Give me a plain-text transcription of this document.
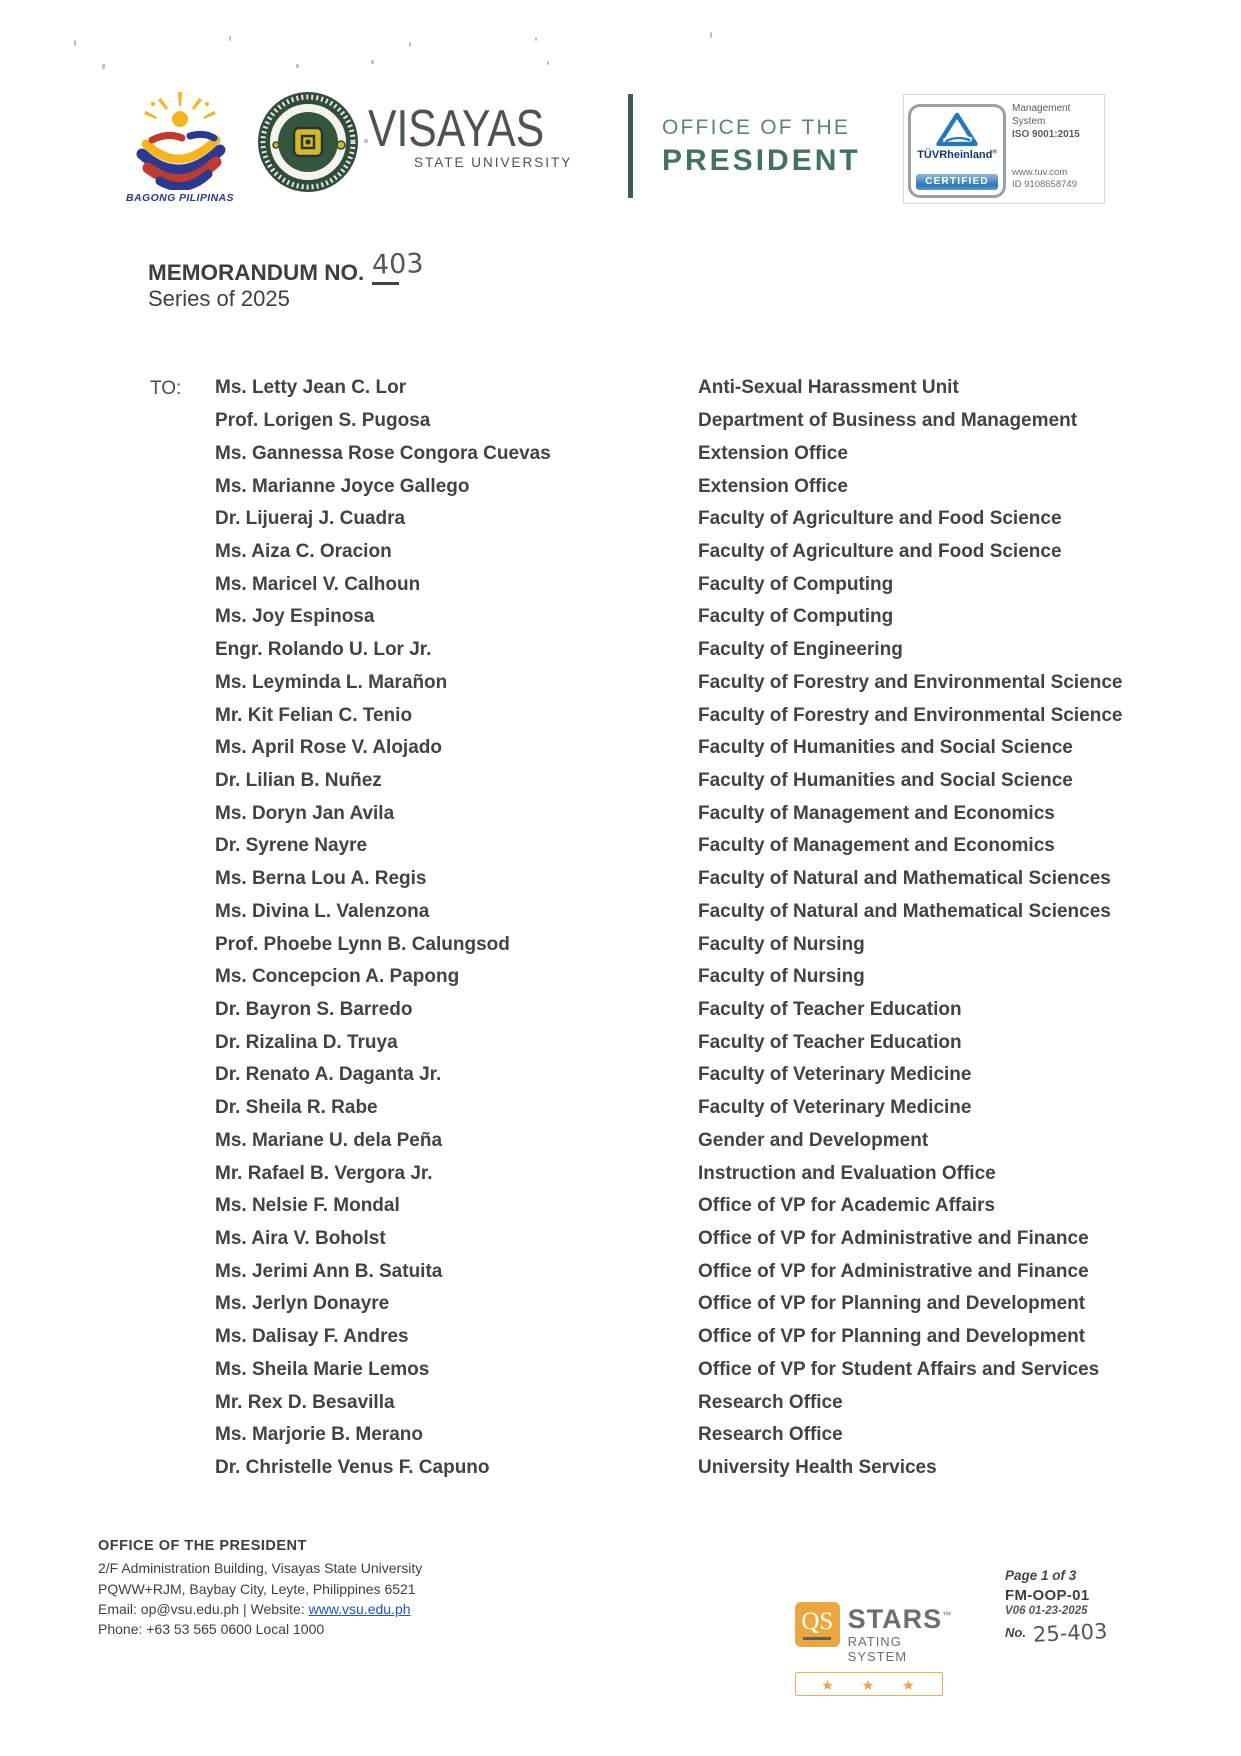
BAGONG PILIPINAS
VISAYAS
STATE UNIVERSITY
OFFICE OF THE
PRESIDENT	TÜVRheinland®
CERTIFIED
Management
System
ISO 9001:2015
www.tuv.com
ID 9108658749
MEMORANDUM NO. 403
Series of 2025
TO: Ms. Letty Jean C. Lor	Anti-Sexual Harassment Unit
Prof. Lorigen S. Pugosa	Department of Business and Management
Ms. Gannessa Rose Congora Cuevas	Extension Office
Ms. Marianne Joyce Gallego	Extension Office
Dr. Lijueraj J. Cuadra	Faculty of Agriculture and Food Science
Ms. Aiza C. Oracion	Faculty of Agriculture and Food Science
Ms. Maricel V. Calhoun	Faculty of Computing
Ms. Joy Espinosa	Faculty of Computing
Engr. Rolando U. Lor Jr.	Faculty of Engineering
Ms. Leyminda L. Marañon	Faculty of Forestry and Environmental Science
Mr. Kit Felian C. Tenio	Faculty of Forestry and Environmental Science
Ms. April Rose V. Alojado	Faculty of Humanities and Social Science
Dr. Lilian B. Nuñez	Faculty of Humanities and Social Science
Ms. Doryn Jan Avila	Faculty of Management and Economics
Dr. Syrene Nayre	Faculty of Management and Economics
Ms. Berna Lou A. Regis	Faculty of Natural and Mathematical Sciences
Ms. Divina L. Valenzona	Faculty of Natural and Mathematical Sciences
Prof. Phoebe Lynn B. Calungsod	Faculty of Nursing
Ms. Concepcion A. Papong	Faculty of Nursing
Dr. Bayron S. Barredo	Faculty of Teacher Education
Dr. Rizalina D. Truya	Faculty of Teacher Education
Dr. Renato A. Daganta Jr.	Faculty of Veterinary Medicine
Dr. Sheila R. Rabe	Faculty of Veterinary Medicine
Ms. Mariane U. dela Peña	Gender and Development
Mr. Rafael B. Vergora Jr.	Instruction and Evaluation Office
Ms. Nelsie F. Mondal	Office of VP for Academic Affairs
Ms. Aira V. Boholst	Office of VP for Administrative and Finance
Ms. Jerimi Ann B. Satuita	Office of VP for Administrative and Finance
Ms. Jerlyn Donayre	Office of VP for Planning and Development
Ms. Dalisay F. Andres	Office of VP for Planning and Development
Ms. Sheila Marie Lemos	Office of VP for Student Affairs and Services
Mr. Rex D. Besavilla	Research Office
Ms. Marjorie B. Merano	Research Office
Dr. Christelle Venus F. Capuno	University Health Services
OFFICE OF THE PRESIDENT
2/F Administration Building, Visayas State University
PQWW+RJM, Baybay City, Leyte, Philippines 6521
Email: op@vsu.edu.ph | Website: www.vsu.edu.ph
Phone: +63 53 565 0600 Local 1000	QS STARS™
RATING SYSTEM
★ ★ ★
Page 1 of 3
FM-OOP-01
V06 01-23-2025
No. 25-403
